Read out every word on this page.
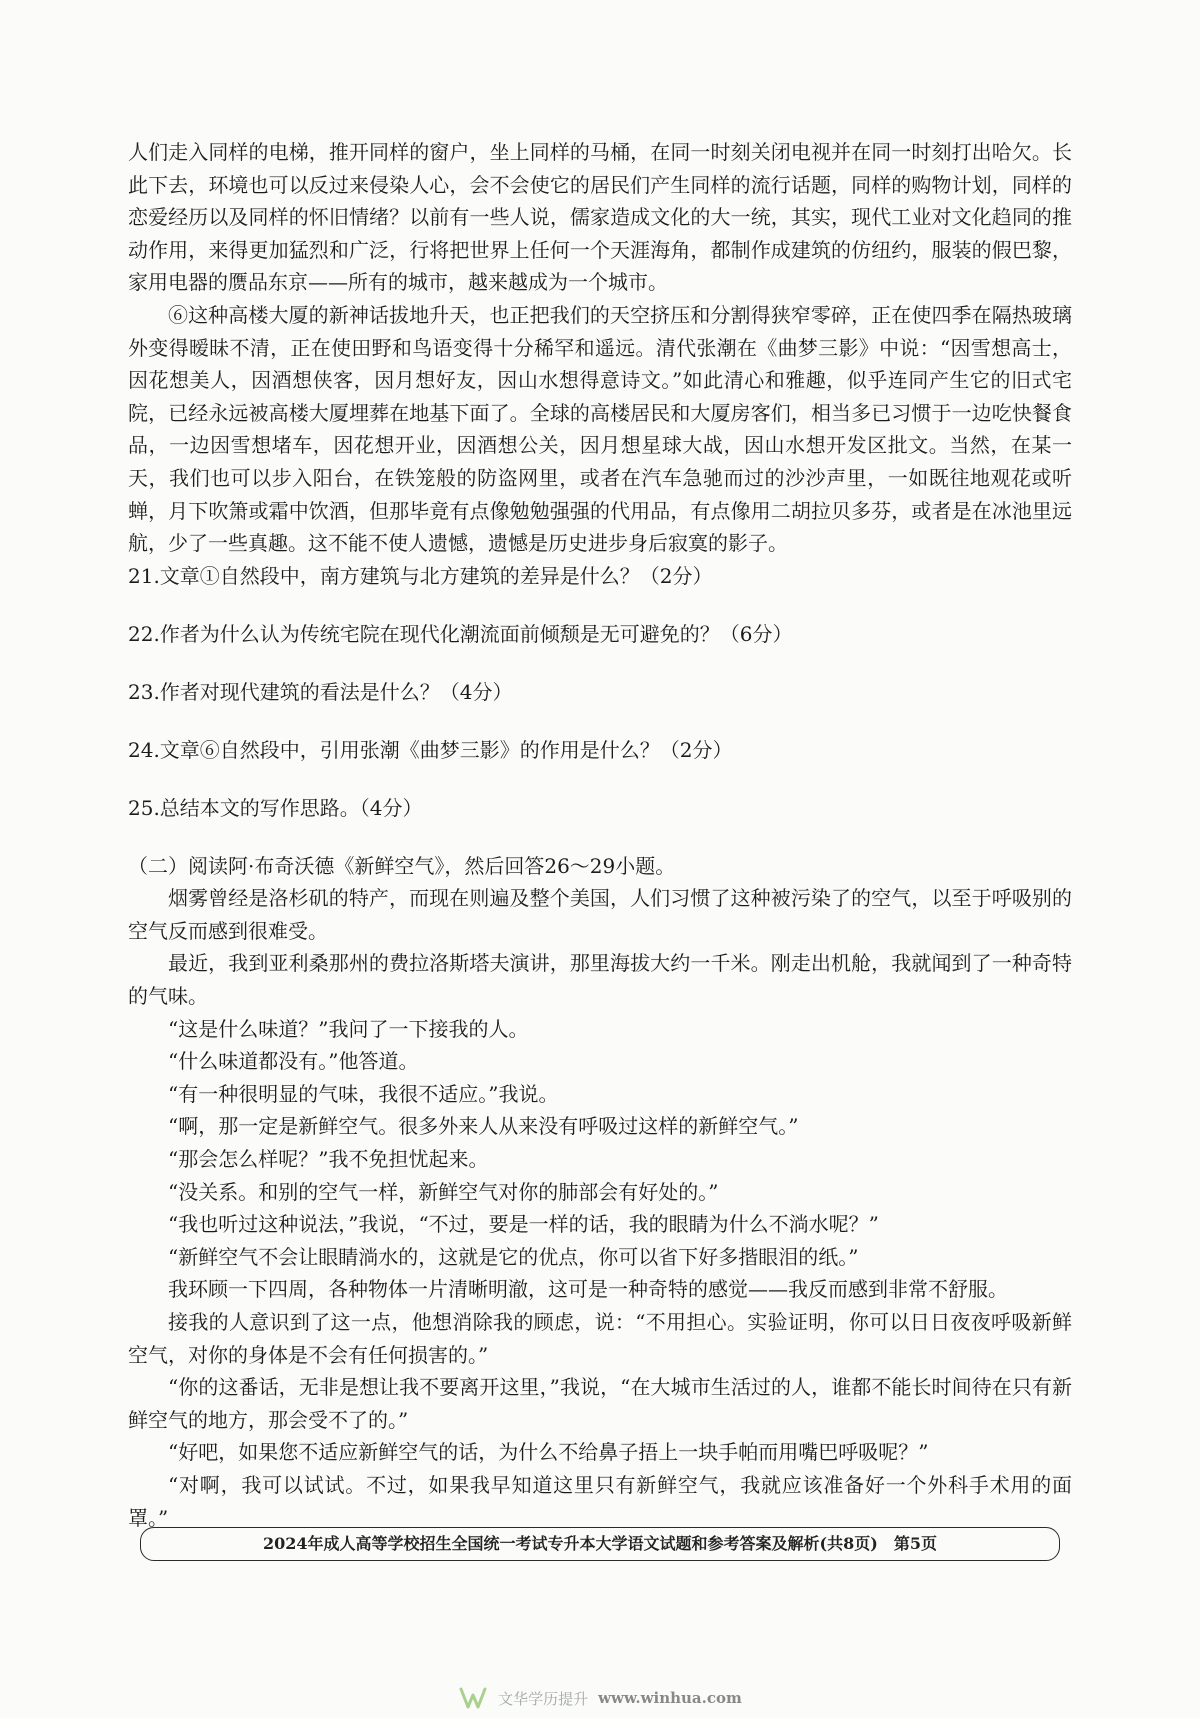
人们走入同样的电梯，推开同样的窗户，坐上同样的马桶，在同一时刻关闭电视并在同一时刻打出哈欠。长此下去，环境也可以反过来侵染人心，会不会使它的居民们产生同样的流行话题，同样的购物计划，同样的恋爱经历以及同样的怀旧情绪？以前有一些人说，儒家造成文化的大一统，其实，现代工业对文化趋同的推动作用，来得更加猛烈和广泛，行将把世界上任何一个天涯海角，都制作成建筑的仿纽约，服装的假巴黎，家用电器的赝品东京——所有的城市，越来越成为一个城市。

⑥这种高楼大厦的新神话拔地升天，也正把我们的天空挤压和分割得狭窄零碎，正在使四季在隔热玻璃外变得暧昧不清，正在使田野和鸟语变得十分稀罕和遥远。清代张潮在《曲梦三影》中说：“因雪想高士，因花想美人，因酒想侠客，因月想好友，因山水想得意诗文。”如此清心和雅趣，似乎连同产生它的旧式宅院，已经永远被高楼大厦埋葬在地基下面了。全球的高楼居民和大厦房客们，相当多已习惯于一边吃快餐食品，一边因雪想堵车，因花想开业，因酒想公关，因月想星球大战，因山水想开发区批文。当然，在某一天，我们也可以步入阳台，在铁笼般的防盗网里，或者在汽车急驰而过的沙沙声里，一如既往地观花或听蝉，月下吹箫或霜中饮酒，但那毕竟有点像勉勉强强的代用品，有点像用二胡拉贝多芬，或者是在冰池里远航，少了一些真趣。这不能不使人遗憾，遗憾是历史进步身后寂寞的影子。

21.文章①自然段中，南方建筑与北方建筑的差异是什么？（2分）

22.作者为什么认为传统宅院在现代化潮流面前倾颓是无可避免的？（6分）

23.作者对现代建筑的看法是什么？（4分）

24.文章⑥自然段中，引用张潮《曲梦三影》的作用是什么？（2分）

25.总结本文的写作思路。（4分）

（二）阅读阿·布奇沃德《新鲜空气》，然后回答26～29小题。

烟雾曾经是洛杉矶的特产，而现在则遍及整个美国，人们习惯了这种被污染了的空气，以至于呼吸别的空气反而感到很难受。

最近，我到亚利桑那州的费拉洛斯塔夫演讲，那里海拔大约一千米。刚走出机舱，我就闻到了一种奇特的气味。

“这是什么味道？”我问了一下接我的人。

“什么味道都没有。”他答道。

“有一种很明显的气味，我很不适应。”我说。

“啊，那一定是新鲜空气。很多外来人从来没有呼吸过这样的新鲜空气。”

“那会怎么样呢？”我不免担忧起来。

“没关系。和别的空气一样，新鲜空气对你的肺部会有好处的。”

“我也听过这种说法，”我说，“不过，要是一样的话，我的眼睛为什么不淌水呢？”

“新鲜空气不会让眼睛淌水的，这就是它的优点，你可以省下好多揩眼泪的纸。”

我环顾一下四周，各种物体一片清晰明澈，这可是一种奇特的感觉——我反而感到非常不舒服。

接我的人意识到了这一点，他想消除我的顾虑，说：“不用担心。实验证明，你可以日日夜夜呼吸新鲜空气，对你的身体是不会有任何损害的。”

“你的这番话，无非是想让我不要离开这里，”我说，“在大城市生活过的人，谁都不能长时间待在只有新鲜空气的地方，那会受不了的。”

“好吧，如果您不适应新鲜空气的话，为什么不给鼻子捂上一块手帕而用嘴巴呼吸呢？”

“对啊，我可以试试。不过，如果我早知道这里只有新鲜空气，我就应该准备好一个外科手术用的面罩。”

2024年成人高等学校招生全国统一考试专升本大学语文试题和参考答案及解析(共8页)　第5页
文华学历提升 www.winhua.com
